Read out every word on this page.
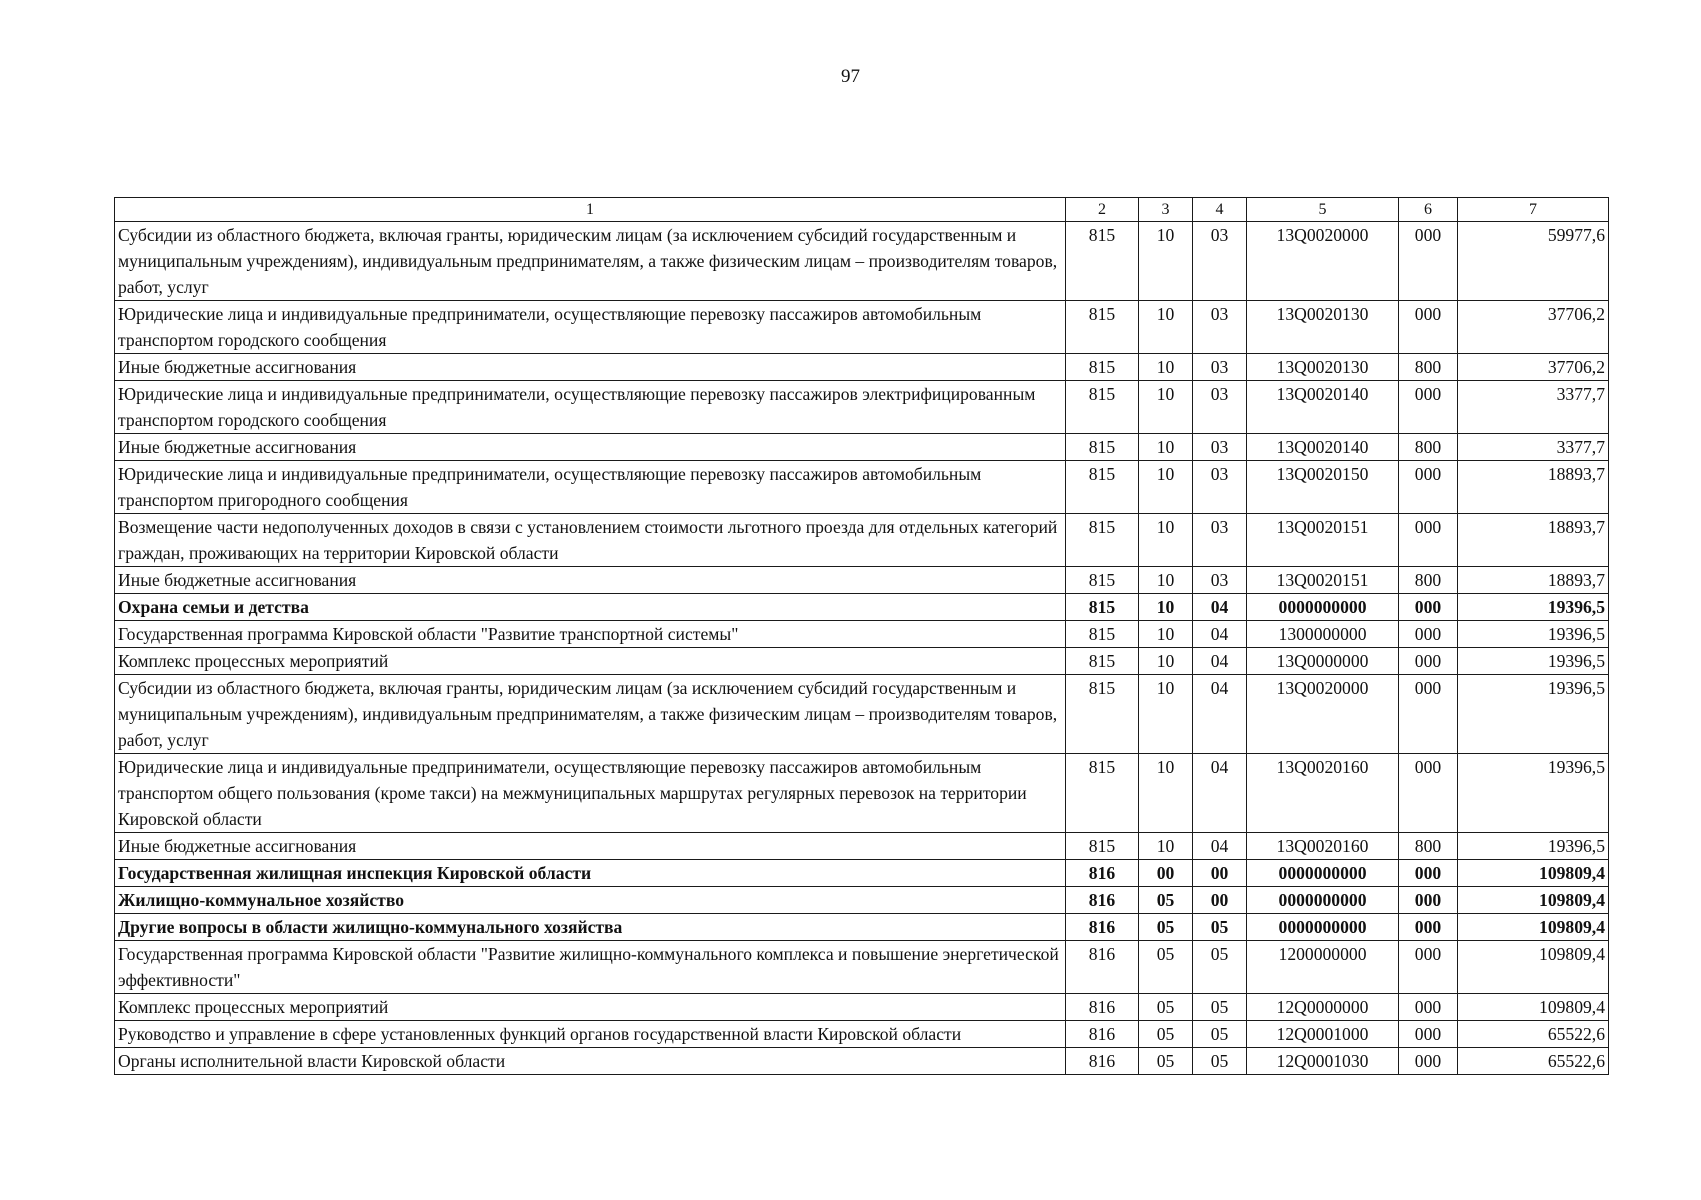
97
1	2	3	4	5	6	7
Субсидии из областного бюджета, включая гранты, юридическим лицам (за исключением субсидий государственным и муниципальным учреждениям), индивидуальным предпринимателям, а также физическим лицам – производителям товаров, работ, услуг	815	10	03	13Q0020000	000	59977,6
Юридические лица и индивидуальные предприниматели, осуществляющие перевозку пассажиров автомобильным транспортом городского сообщения	815	10	03	13Q0020130	000	37706,2
Иные бюджетные ассигнования	815	10	03	13Q0020130	800	37706,2
Юридические лица и индивидуальные предприниматели, осуществляющие перевозку пассажиров электрифицированным транспортом городского сообщения	815	10	03	13Q0020140	000	3377,7
Иные бюджетные ассигнования	815	10	03	13Q0020140	800	3377,7
Юридические лица и индивидуальные предприниматели, осуществляющие перевозку пассажиров автомобильным транспортом пригородного сообщения	815	10	03	13Q0020150	000	18893,7
Возмещение части недополученных доходов в связи с установлением стоимости льготного проезда для отдельных категорий граждан, проживающих на территории Кировской области	815	10	03	13Q0020151	000	18893,7
Иные бюджетные ассигнования	815	10	03	13Q0020151	800	18893,7
Охрана семьи и детства	815	10	04	0000000000	000	19396,5
Государственная программа Кировской области "Развитие транспортной системы"	815	10	04	1300000000	000	19396,5
Комплекс процессных мероприятий	815	10	04	13Q0000000	000	19396,5
Субсидии из областного бюджета, включая гранты, юридическим лицам (за исключением субсидий государственным и муниципальным учреждениям), индивидуальным предпринимателям, а также физическим лицам – производителям товаров, работ, услуг	815	10	04	13Q0020000	000	19396,5
Юридические лица и индивидуальные предприниматели, осуществляющие перевозку пассажиров автомобильным транспортом общего пользования (кроме такси) на межмуниципальных маршрутах регулярных перевозок на территории Кировской области	815	10	04	13Q0020160	000	19396,5
Иные бюджетные ассигнования	815	10	04	13Q0020160	800	19396,5
Государственная жилищная инспекция Кировской области	816	00	00	0000000000	000	109809,4
Жилищно-коммунальное хозяйство	816	05	00	0000000000	000	109809,4
Другие вопросы в области жилищно-коммунального хозяйства	816	05	05	0000000000	000	109809,4
Государственная программа Кировской области "Развитие жилищно-коммунального комплекса и повышение энергетической эффективности"	816	05	05	1200000000	000	109809,4
Комплекс процессных мероприятий	816	05	05	12Q0000000	000	109809,4
Руководство и управление в сфере установленных функций органов государственной власти Кировской области	816	05	05	12Q0001000	000	65522,6
Органы исполнительной власти Кировской области	816	05	05	12Q0001030	000	65522,6
